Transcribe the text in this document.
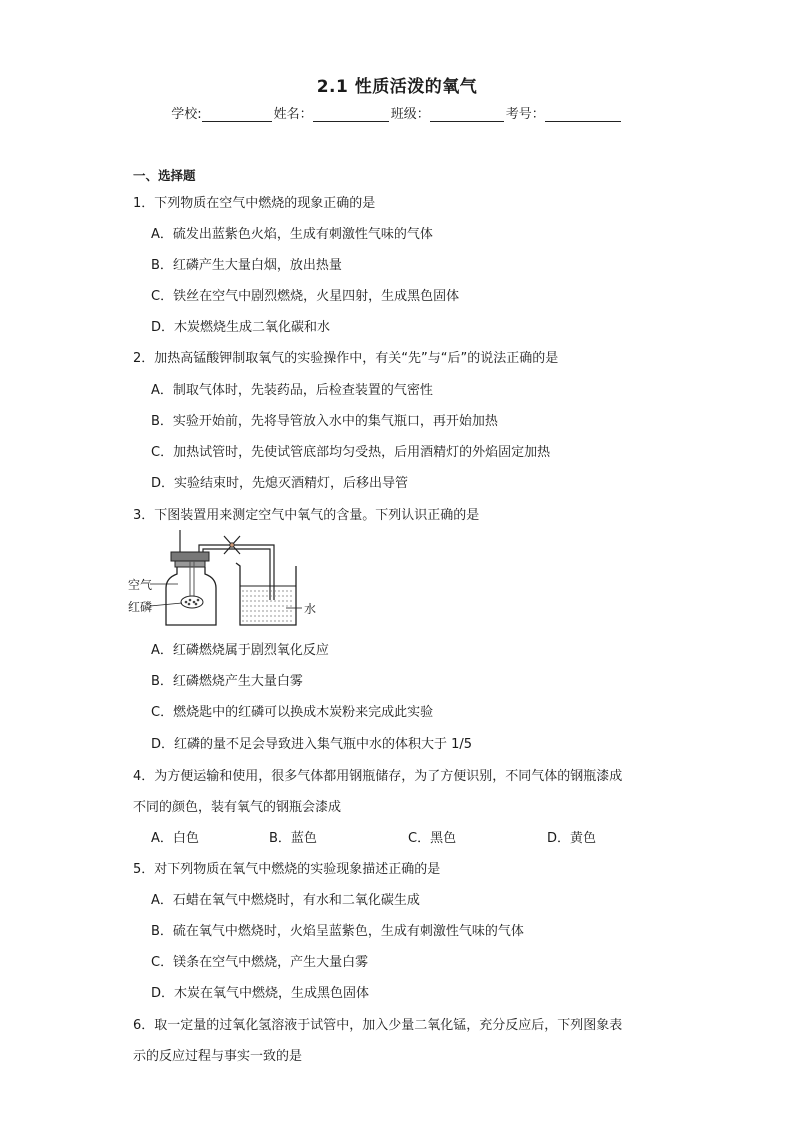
2.1 性质活泼的氧气
学校:	姓名：	班级：	考号：
一、选择题
1．下列物质在空气中燃烧的现象正确的是
A．硫发出蓝紫色火焰，生成有刺激性气味的气体
B．红磷产生大量白烟，放出热量
C．铁丝在空气中剧烈燃烧，火星四射，生成黑色固体
D．木炭燃烧生成二氧化碳和水
2．加热高锰酸钾制取氧气的实验操作中，有关“先”与“后”的说法正确的是
A．制取气体时，先装药品，后检查装置的气密性
B．实验开始前，先将导管放入水中的集气瓶口，再开始加热
C．加热试管时，先使试管底部均匀受热，后用酒精灯的外焰固定加热
D．实验结束时，先熄灭酒精灯，后移出导管
3．下图装置用来测定空气中氧气的含量。下列认识正确的是
空气
红磷	水
A．红磷燃烧属于剧烈氧化反应
B．红磷燃烧产生大量白雾
C．燃烧匙中的红磷可以换成木炭粉来完成此实验
D．红磷的量不足会导致进入集气瓶中水的体积大于 1/5
4．为方便运输和使用，很多气体都用钢瓶储存，为了方便识别，不同气体的钢瓶漆成
不同的颜色，装有氧气的钢瓶会漆成
A．白色	B．蓝色	C．黑色	D．黄色
5．对下列物质在氧气中燃烧的实验现象描述正确的是
A．石蜡在氧气中燃烧时，有水和二氧化碳生成
B．硫在氧气中燃烧时，火焰呈蓝紫色，生成有刺激性气味的气体
C．镁条在空气中燃烧，产生大量白雾
D．木炭在氧气中燃烧，生成黑色固体
6．取一定量的过氧化氢溶液于试管中，加入少量二氧化锰，充分反应后，下列图象表
示的反应过程与事实一致的是
